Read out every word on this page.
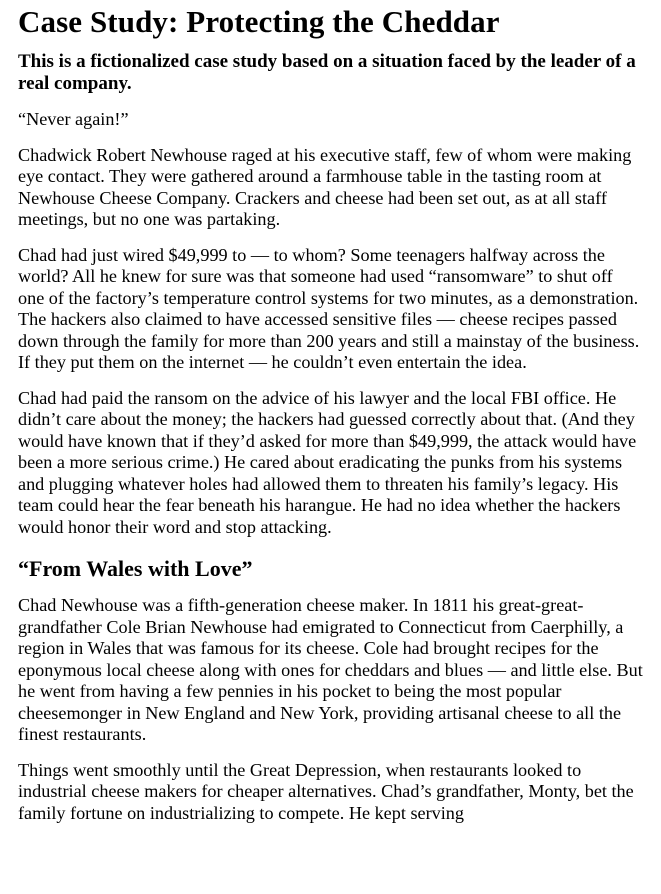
Case Study: Protecting the Cheddar
This is a fictionalized case study based on a situation faced by the leader of a real company.

“Never again!”

Chadwick Robert Newhouse raged at his executive staff, few of whom were making eye contact. They were gathered around a farmhouse table in the tasting room at Newhouse Cheese Company. Crackers and cheese had been set out, as at all staff meetings, but no one was partaking.

Chad had just wired $49,999 to — to whom? Some teenagers halfway across the world? All he knew for sure was that someone had used “ransomware” to shut off one of the factory’s temperature control systems for two minutes, as a demonstration. The hackers also claimed to have accessed sensitive files — cheese recipes passed down through the family for more than 200 years and still a mainstay of the business. If they put them on the internet — he couldn’t even entertain the idea.

Chad had paid the ransom on the advice of his lawyer and the local FBI office. He didn’t care about the money; the hackers had guessed correctly about that. (And they would have known that if they’d asked for more than $49,999, the attack would have been a more serious crime.) He cared about eradicating the punks from his systems and plugging whatever holes had allowed them to threaten his family’s legacy. His team could hear the fear beneath his harangue. He had no idea whether the hackers would honor their word and stop attacking.

“From Wales with Love”

Chad Newhouse was a fifth-generation cheese maker. In 1811 his great-great-grandfather Cole Brian Newhouse had emigrated to Connecticut from Caerphilly, a region in Wales that was famous for its cheese. Cole had brought recipes for the eponymous local cheese along with ones for cheddars and blues — and little else. But he went from having a few pennies in his pocket to being the most popular cheesemonger in New England and New York, providing artisanal cheese to all the finest restaurants.

Things went smoothly until the Great Depression, when restaurants looked to industrial cheese makers for cheaper alternatives. Chad’s grandfather, Monty, bet the family fortune on industrializing to compete. He kept serving
